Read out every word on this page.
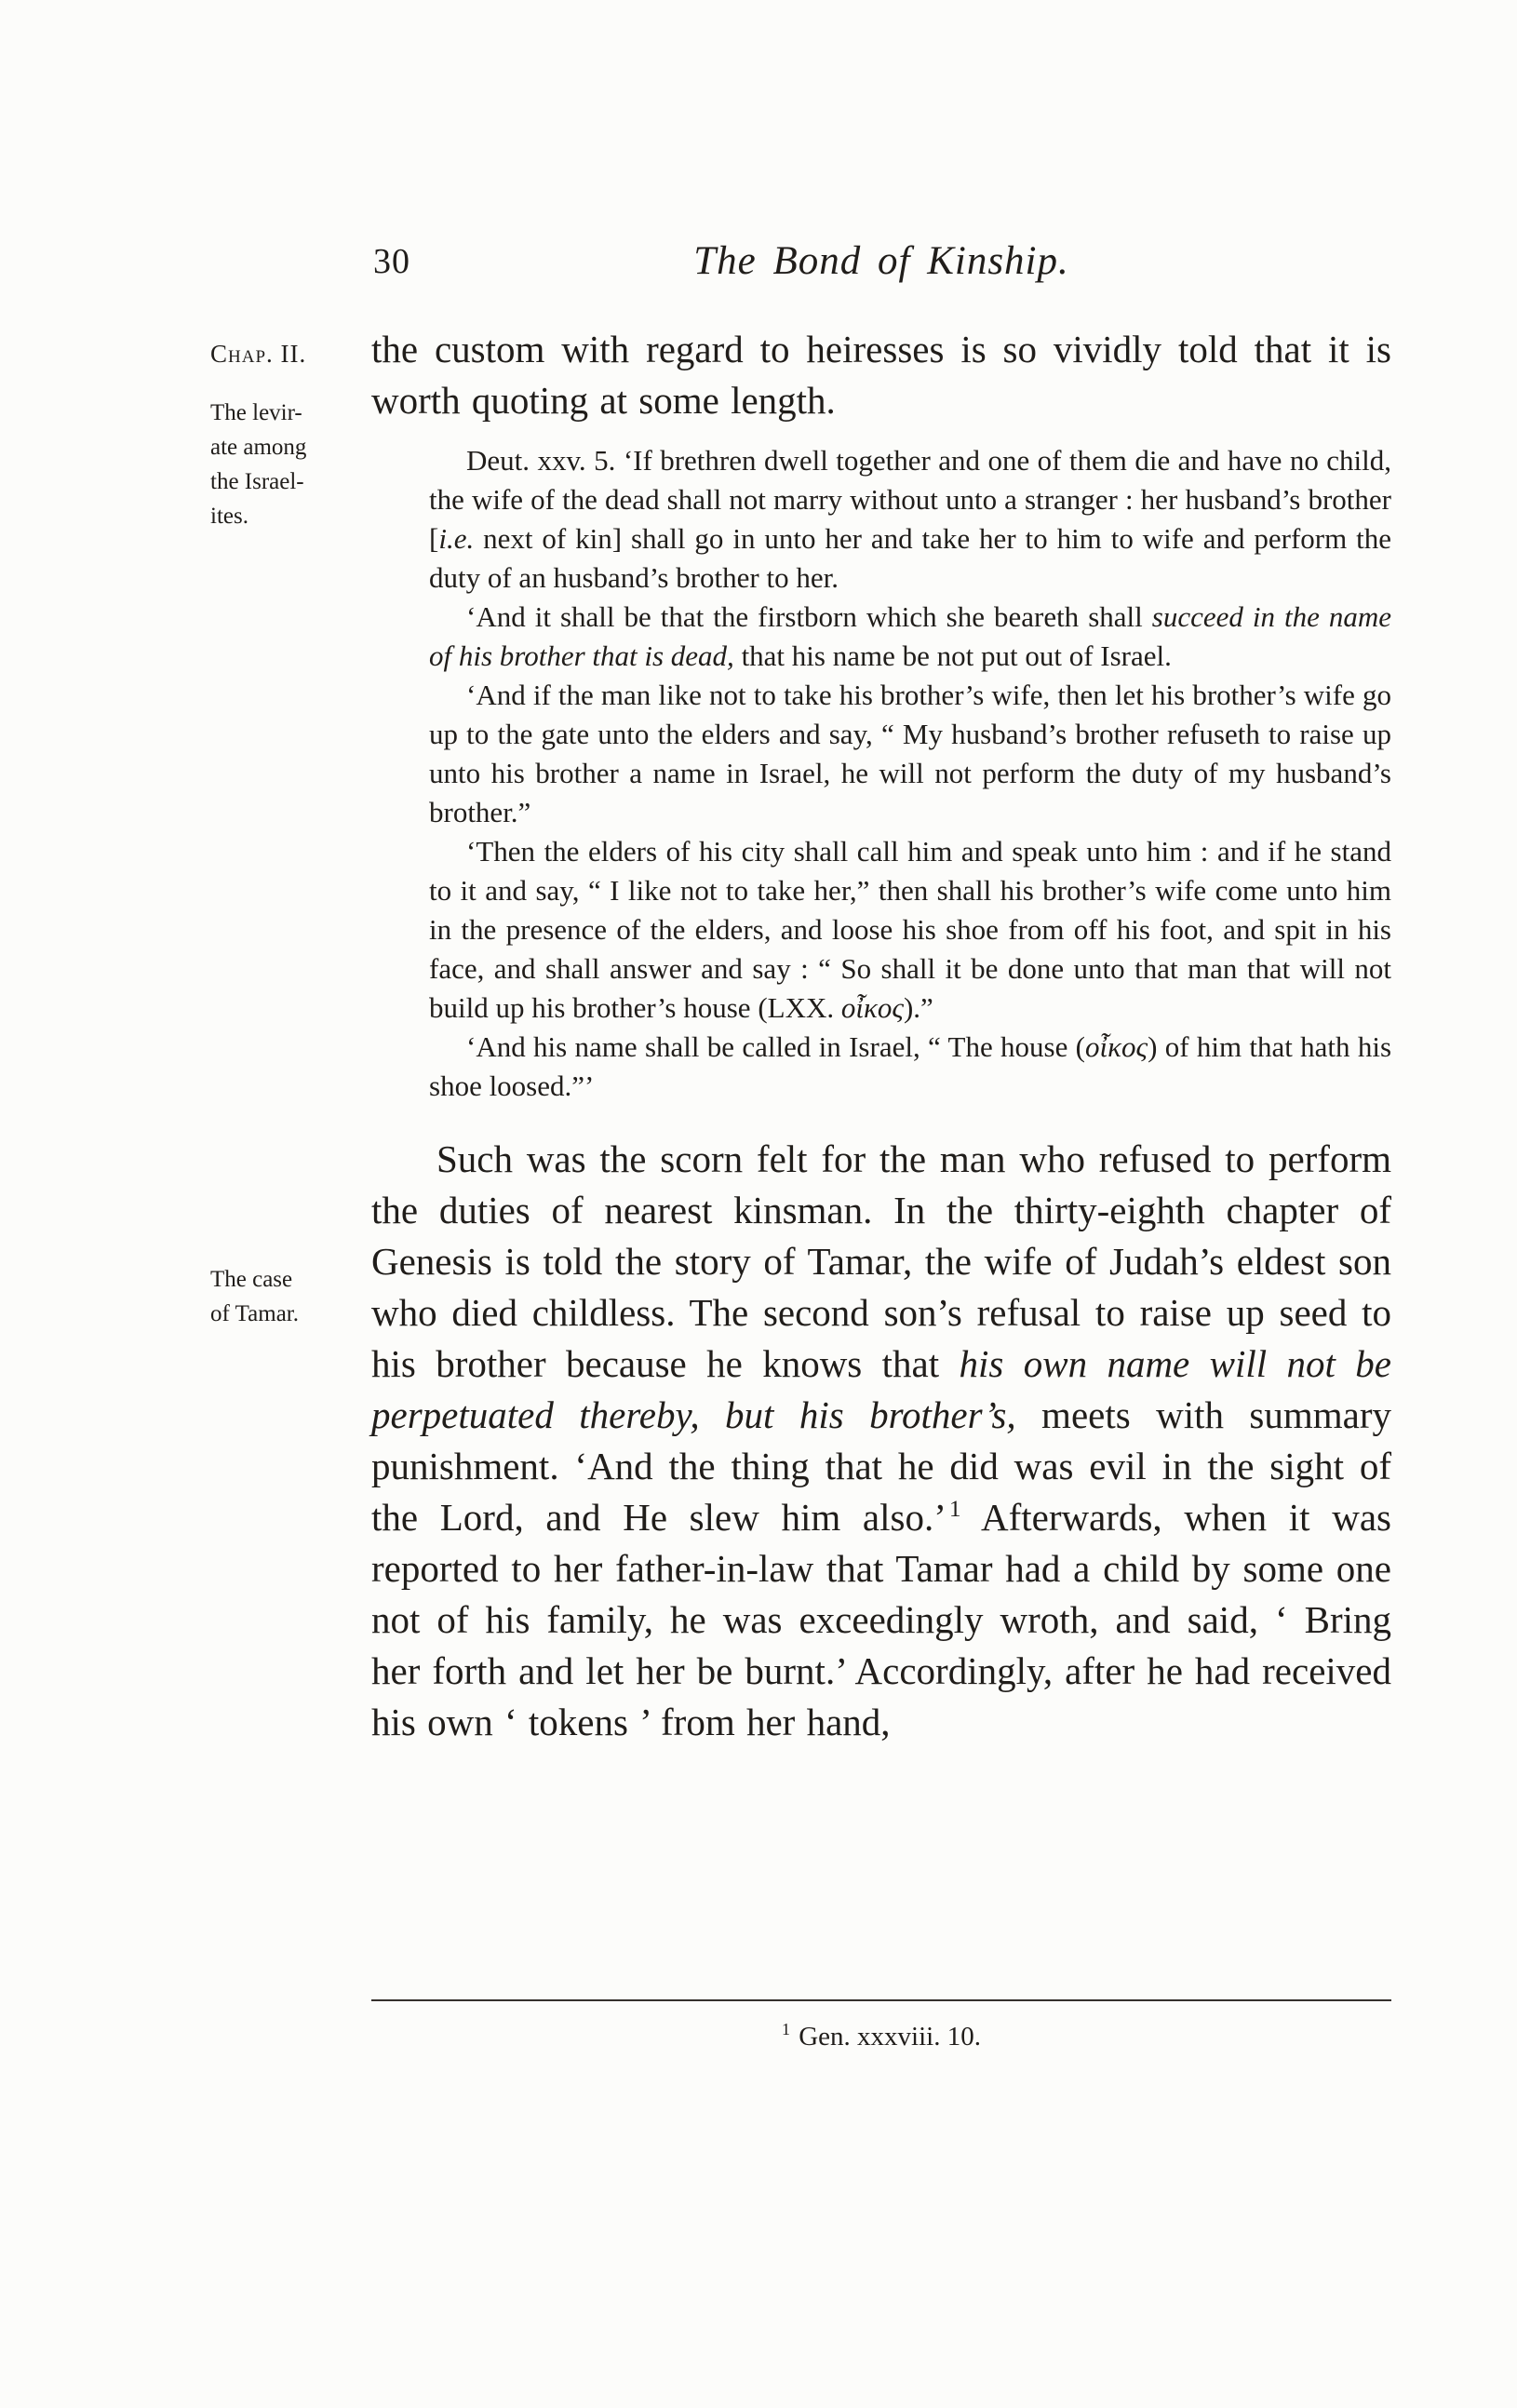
30	The Bond of Kinship.
Chap. II.
The levir-
ate among
the Israel-
ites.
The case
of Tamar.

the custom with regard to heiresses is so vividly told that it is worth quoting at some length.

Deut. xxv. 5. ‘If brethren dwell together and one of them die and have no child, the wife of the dead shall not marry without unto a stranger : her husband’s brother [i.e. next of kin] shall go in unto her and take her to him to wife and perform the duty of an husband’s brother to her.

‘And it shall be that the firstborn which she beareth shall succeed in the name of his brother that is dead, that his name be not put out of Israel.

‘And if the man like not to take his brother’s wife, then let his brother’s wife go up to the gate unto the elders and say, “ My husband’s brother refuseth to raise up unto his brother a name in Israel, he will not perform the duty of my husband’s brother.”

‘Then the elders of his city shall call him and speak unto him : and if he stand to it and say, “ I like not to take her,” then shall his brother’s wife come unto him in the presence of the elders, and loose his shoe from off his foot, and spit in his face, and shall answer and say : “ So shall it be done unto that man that will not build up his brother’s house (LXX. οἶκος).”

‘And his name shall be called in Israel, “ The house (οἶκος) of him that hath his shoe loosed.”’

Such was the scorn felt for the man who refused to perform the duties of nearest kinsman. In the thirty-eighth chapter of Genesis is told the story of Tamar, the wife of Judah’s eldest son who died childless. The second son’s refusal to raise up seed to his brother because he knows that his own name will not be perpetuated thereby, but his brother’s, meets with summary punishment. ‘And the thing that he did was evil in the sight of the Lord, and He slew him also.’ $^1$ Afterwards, when it was reported to her father-in-law that Tamar had a child by some one not of his family, he was exceedingly wroth, and said, ‘ Bring her forth and let her be burnt.’ Accordingly, after he had received his own ‘ tokens ’ from her hand,

$^1$ Gen. xxxviii. 10.
